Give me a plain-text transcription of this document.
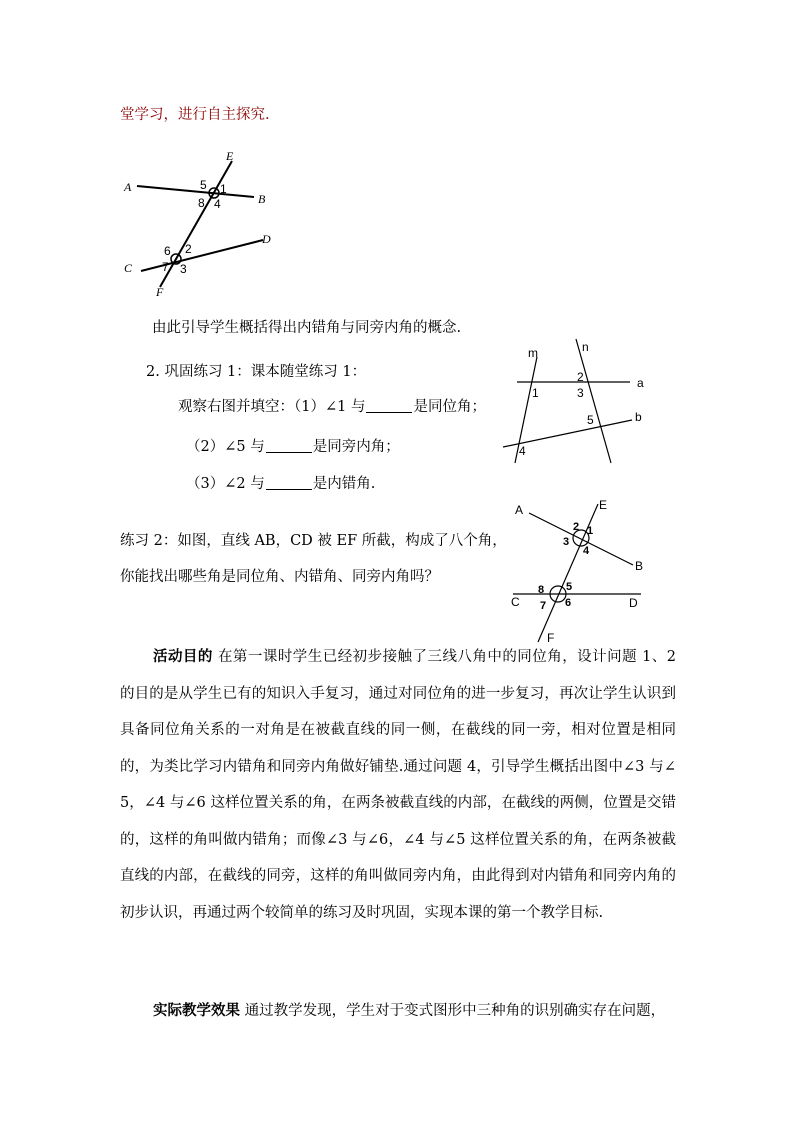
堂学习，进行自主探究.
E
A
B
D
C
F
5 1
8 4
6 2
7 3
由此引导学生概括得出内错角与同旁内角的概念.
2. 巩固练习 1：课本随堂练习 1：
观察右图并填空：（1）∠1 与	是同位角；
（2）∠5 与	是同旁内角；
（3）∠2 与	是内错角.
m	n
a
b
1
2
3
5
4
练习 2：如图，直线 AB，CD 被 EF 所截，构成了八个角，
你能找出哪些角是同位角、内错角、同旁内角吗？
A	E
B
C	D
F
2 1
3
4
8 5
7 6
活动目的 在第一课时学生已经初步接触了三线八角中的同位角，设计问题 1、2 的目的是从学生已有的知识入手复习，通过对同位角的进一步复习，再次让学生认识到具备同位角关系的一对角是在被截直线的同一侧，在截线的同一旁，相对位置是相同的，为类比学习内错角和同旁内角做好铺垫.通过问题 4，引导学生概括出图中∠3 与∠5，∠4 与∠6 这样位置关系的角，在两条被截直线的内部，在截线的两侧，位置是交错的，这样的角叫做内错角；而像∠3 与∠6，∠4 与∠5 这样位置关系的角，在两条被截直线的内部，在截线的同旁，这样的角叫做同旁内角，由此得到对内错角和同旁内角的初步认识，再通过两个较简单的练习及时巩固，实现本课的第一个教学目标.
实际教学效果 通过教学发现，学生对于变式图形中三种角的识别确实存在问题，
